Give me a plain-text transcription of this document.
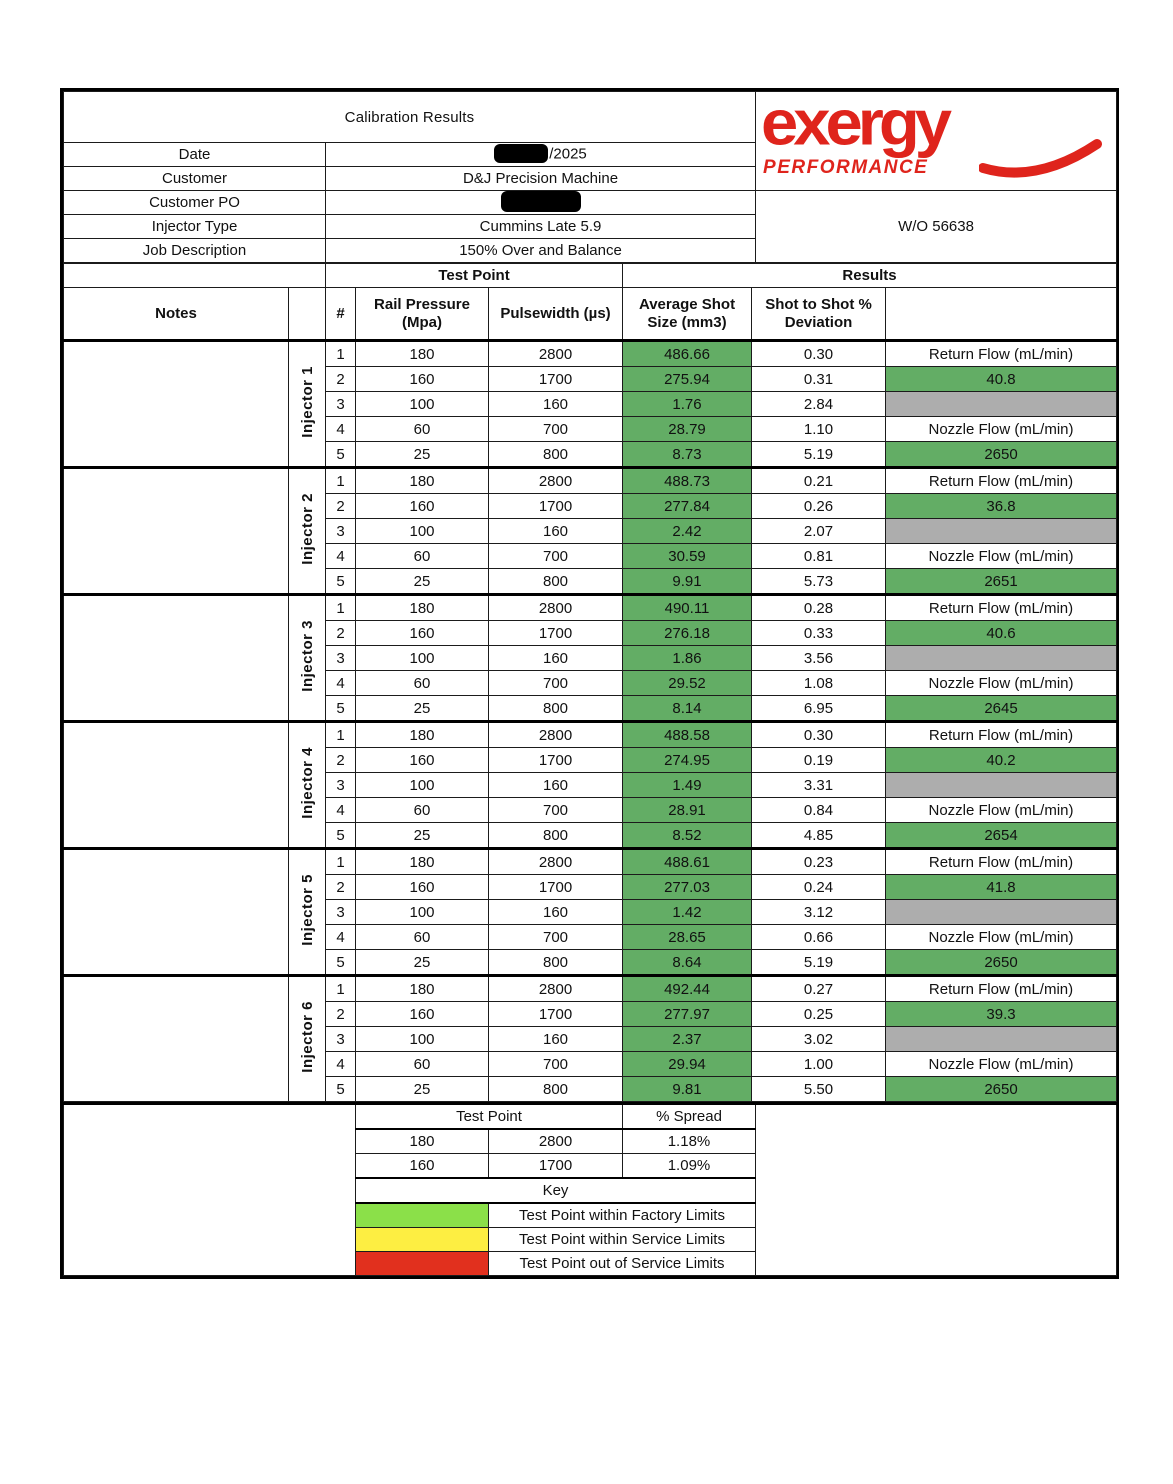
Calibration Results		exergy
PERFORMANCE

Date	/2025	
Customer	D&J Precision Machine	
Customer PO		W/O 56638
Injector Type	Cummins Late 5.9	
Job Description	150% Over and Balance	
		Test Point			Results		
Notes		#	Rail Pressure (Mpa)	Pulsewidth (µs)	Average Shot Size (mm3)	Shot to Shot % Deviation	
	Injector 1	1	180	2800	486.66	0.30	Return Flow (mL/min)
		2	160	1700	275.94	0.31	40.8
		3	100	160	1.76	2.84	
		4	60	700	28.79	1.10	Nozzle Flow (mL/min)
		5	25	800	8.73	5.19	2650
	Injector 2	1	180	2800	488.73	0.21	Return Flow (mL/min)
		2	160	1700	277.84	0.26	36.8
		3	100	160	2.42	2.07	
		4	60	700	30.59	0.81	Nozzle Flow (mL/min)
		5	25	800	9.91	5.73	2651
	Injector 3	1	180	2800	490.11	0.28	Return Flow (mL/min)
		2	160	1700	276.18	0.33	40.6
		3	100	160	1.86	3.56	
		4	60	700	29.52	1.08	Nozzle Flow (mL/min)
		5	25	800	8.14	6.95	2645
	Injector 4	1	180	2800	488.58	0.30	Return Flow (mL/min)
		2	160	1700	274.95	0.19	40.2
		3	100	160	1.49	3.31	
		4	60	700	28.91	0.84	Nozzle Flow (mL/min)
		5	25	800	8.52	4.85	2654
	Injector 5	1	180	2800	488.61	0.23	Return Flow (mL/min)
		2	160	1700	277.03	0.24	41.8
		3	100	160	1.42	3.12	
		4	60	700	28.65	0.66	Nozzle Flow (mL/min)
		5	25	800	8.64	5.19	2650
	Injector 6	1	180	2800	492.44	0.27	Return Flow (mL/min)
		2	160	1700	277.97	0.25	39.3
		3	100	160	2.37	3.02	
		4	60	700	29.94	1.00	Nozzle Flow (mL/min)
		5	25	800	9.81	5.50	2650
	Test Point		% Spread	
	180	2800	1.18%	
	160	1700	1.09%	
	Key			
		Test Point within Factory Limits		
		Test Point within Service Limits		
		Test Point out of Service Limits		
